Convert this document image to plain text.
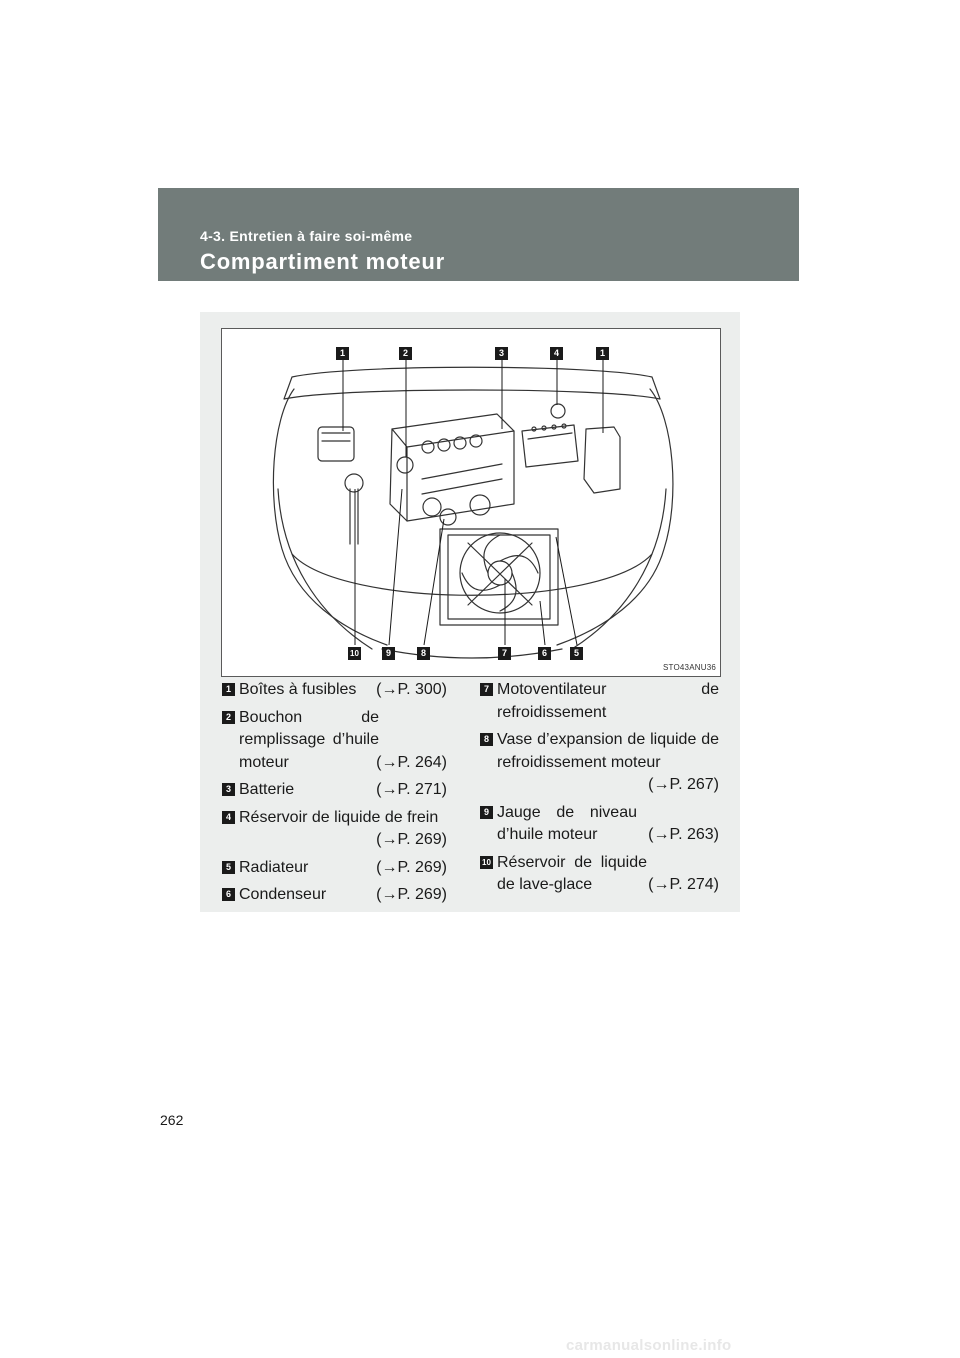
4-3. Entretien à faire soi-même
Compartiment moteur
1	2	3	4	1
10	9	8	7	6	5
STO43ANU36
1 Boîtes à fusibles (→P. 300)
2 Bouchon de remplissage d’huile moteur	(→P. 264)
3 Batterie	(→P. 271)
4 Réservoir de liquide de frein
(→P. 269)
5 Radiateur	(→P. 269)
6 Condenseur	(→P. 269)
7 Motoventilateur de refroidissement
8 Vase d’expansion de liquide de refroidissement moteur
(→P. 267)
9 Jauge de niveau d’huile moteur	(→P. 263)
10 Réservoir de liquide de lave-glace	(→P. 274)
262
carmanualsonline.info
